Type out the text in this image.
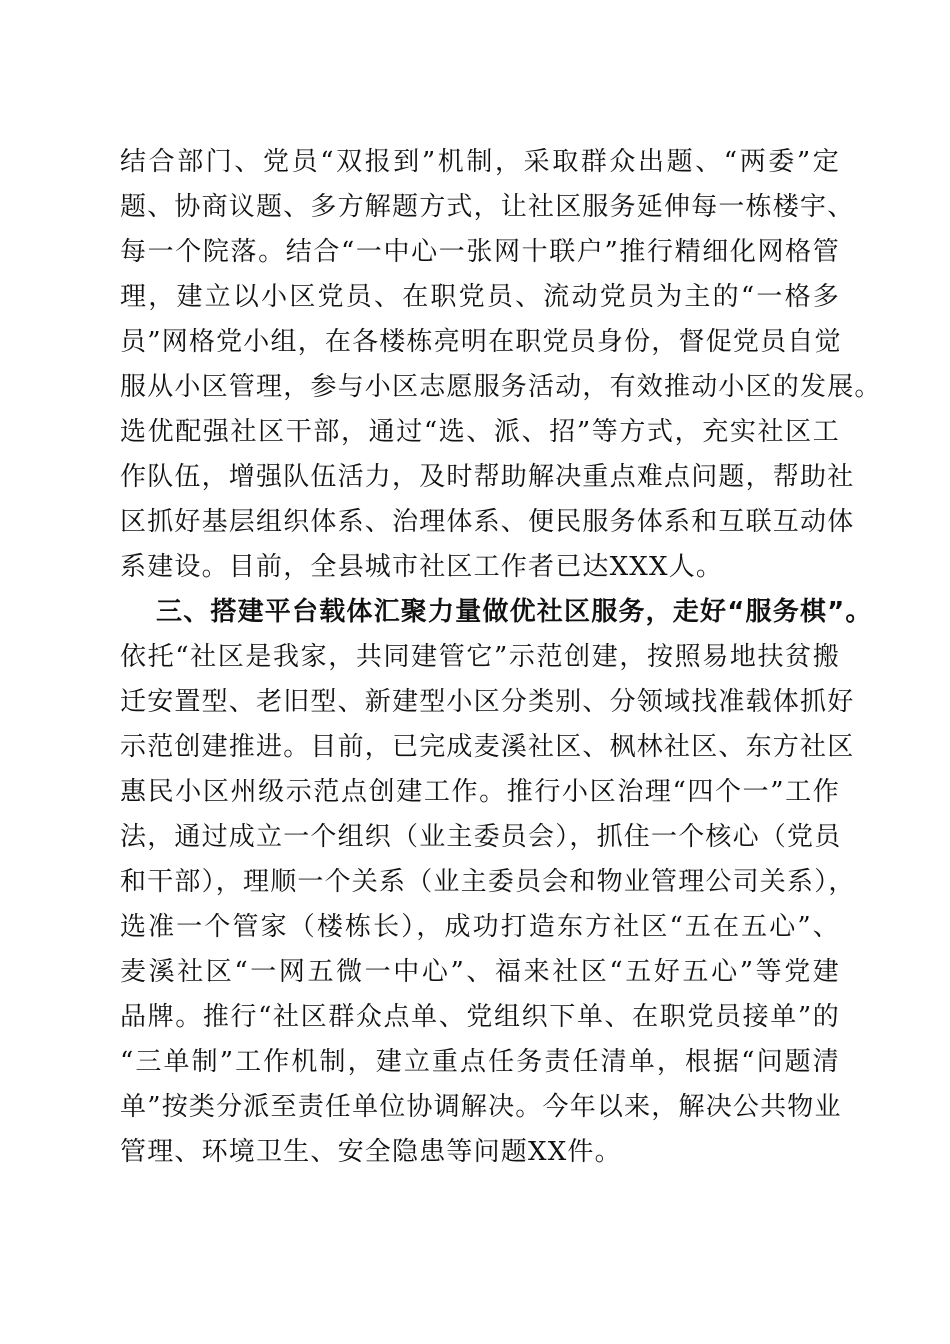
结合部门、党员“双报到”机制，采取群众出题、“两委”定
题、协商议题、多方解题方式，让社区服务延伸每一栋楼宇、
每一个院落。结合“一中心一张网十联户”推行精细化网格管
理，建立以小区党员、在职党员、流动党员为主的“一格多
员”网格党小组，在各楼栋亮明在职党员身份，督促党员自觉
服从小区管理，参与小区志愿服务活动，有效推动小区的发展。
选优配强社区干部，通过“选、派、招”等方式，充实社区工
作队伍，增强队伍活力，及时帮助解决重点难点问题，帮助社
区抓好基层组织体系、治理体系、便民服务体系和互联互动体
系建设。目前，全县城市社区工作者已达XXX人。
三、搭建平台载体汇聚力量做优社区服务，走好“服务棋”。
依托“社区是我家，共同建管它”示范创建，按照易地扶贫搬
迁安置型、老旧型、新建型小区分类别、分领域找准载体抓好
示范创建推进。目前，已完成麦溪社区、枫林社区、东方社区
惠民小区州级示范点创建工作。推行小区治理“四个一”工作
法，通过成立一个组织（业主委员会），抓住一个核心（党员
和干部），理顺一个关系（业主委员会和物业管理公司关系），
选准一个管家（楼栋长），成功打造东方社区“五在五心”、
麦溪社区“一网五微一中心”、福来社区“五好五心”等党建
品牌。推行“社区群众点单、党组织下单、在职党员接单”的
“三单制”工作机制，建立重点任务责任清单，根据“问题清
单”按类分派至责任单位协调解决。今年以来，解决公共物业
管理、环境卫生、安全隐患等问题XX件。
